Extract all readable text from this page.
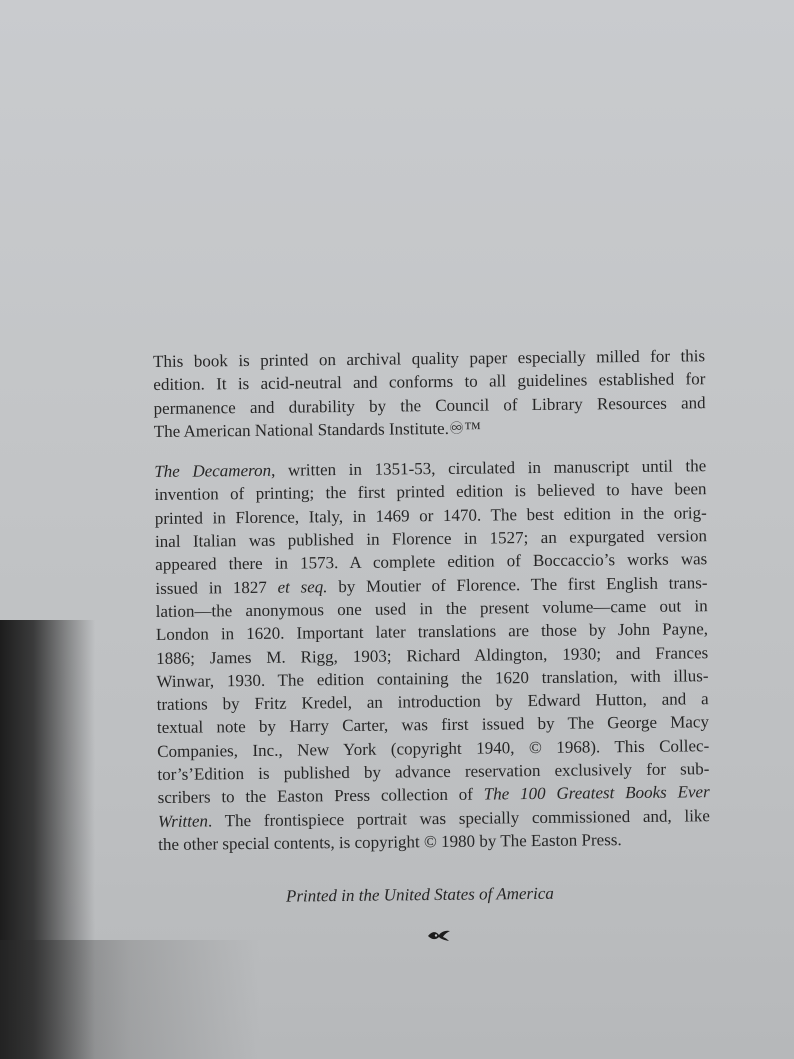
This book is printed on archival quality paper especially milled for this
edition. It is acid-neutral and conforms to all guidelines established for
permanence and durability by the Council of Library Resources and
The American National Standards Institute.♾™

The Decameron, written in 1351-53, circulated in manuscript until the
invention of printing; the first printed edition is believed to have been
printed in Florence, Italy, in 1469 or 1470. The best edition in the orig-
inal Italian was published in Florence in 1527; an expurgated version
appeared there in 1573. A complete edition of Boccaccio’s works was
issued in 1827 et seq. by Moutier of Florence. The first English trans-
lation—the anonymous one used in the present volume—came out in
London in 1620. Important later translations are those by John Payne,
1886; James M. Rigg, 1903; Richard Aldington, 1930; and Frances
Winwar, 1930. The edition containing the 1620 translation, with illus-
trations by Fritz Kredel, an introduction by Edward Hutton, and a
textual note by Harry Carter, was first issued by The George Macy
Companies, Inc., New York (copyright 1940, © 1968). This Collec-
tor’s’Edition is published by advance reservation exclusively for sub-
scribers to the Easton Press collection of The 100 Greatest Books Ever
Written. The frontispiece portrait was specially commissioned and, like
the other special contents, is copyright © 1980 by The Easton Press.

Printed in the United States of America
